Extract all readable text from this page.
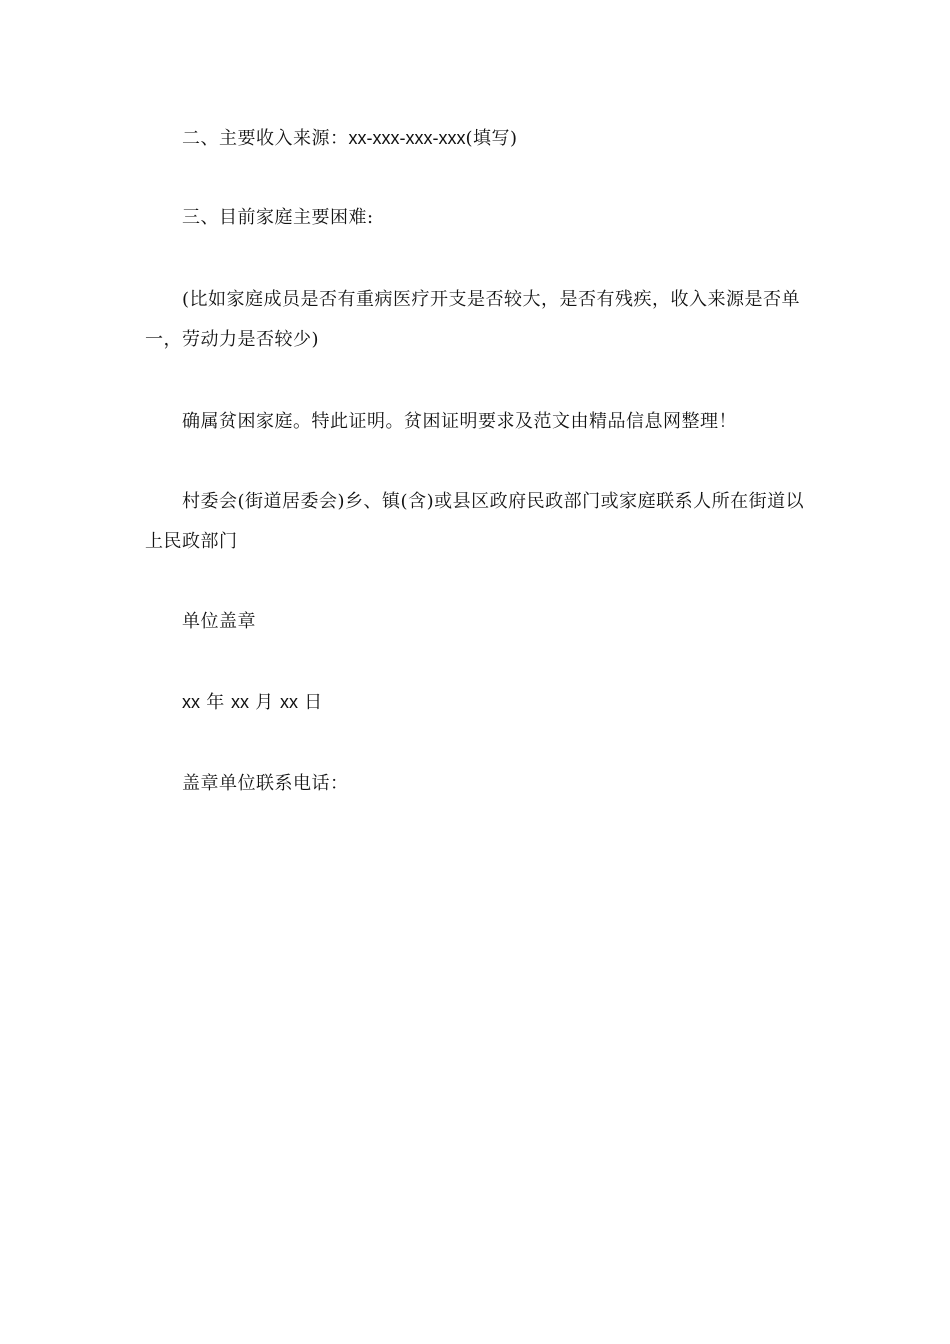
二、主要收入来源：xx-xxx-xxx-xxx(填写)

三、目前家庭主要困难:

(比如家庭成员是否有重病医疗开支是否较大，是否有残疾，收入来源是否单一，劳动力是否较少)

确属贫困家庭。特此证明。贫困证明要求及范文由精品信息网整理！

村委会(街道居委会)乡、镇(含)或县区政府民政部门或家庭联系人所在街道以上民政部门

单位盖章

xx 年 xx 月 xx 日

盖章单位联系电话：
